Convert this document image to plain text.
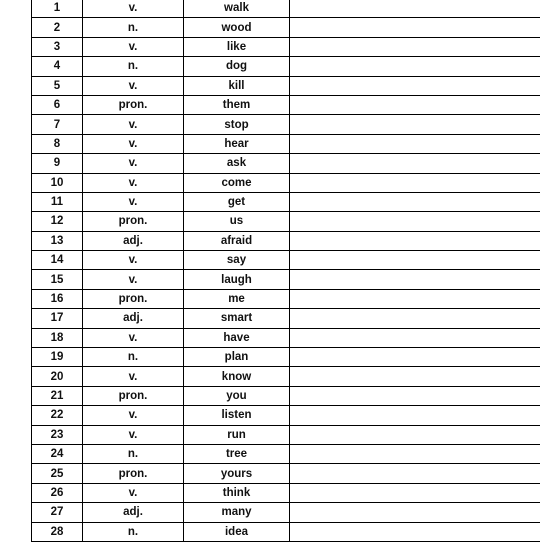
1	v.	walk	
2	n.	wood	
3	v.	like	
4	n.	dog	
5	v.	kill	
6	pron.	them	
7	v.	stop	
8	v.	hear	
9	v.	ask	
10	v.	come	
11	v.	get	
12	pron.	us	
13	adj.	afraid	
14	v.	say	
15	v.	laugh	
16	pron.	me	
17	adj.	smart	
18	v.	have	
19	n.	plan	
20	v.	know	
21	pron.	you	
22	v.	listen	
23	v.	run	
24	n.	tree	
25	pron.	yours	
26	v.	think	
27	adj.	many	
28	n.	idea	
